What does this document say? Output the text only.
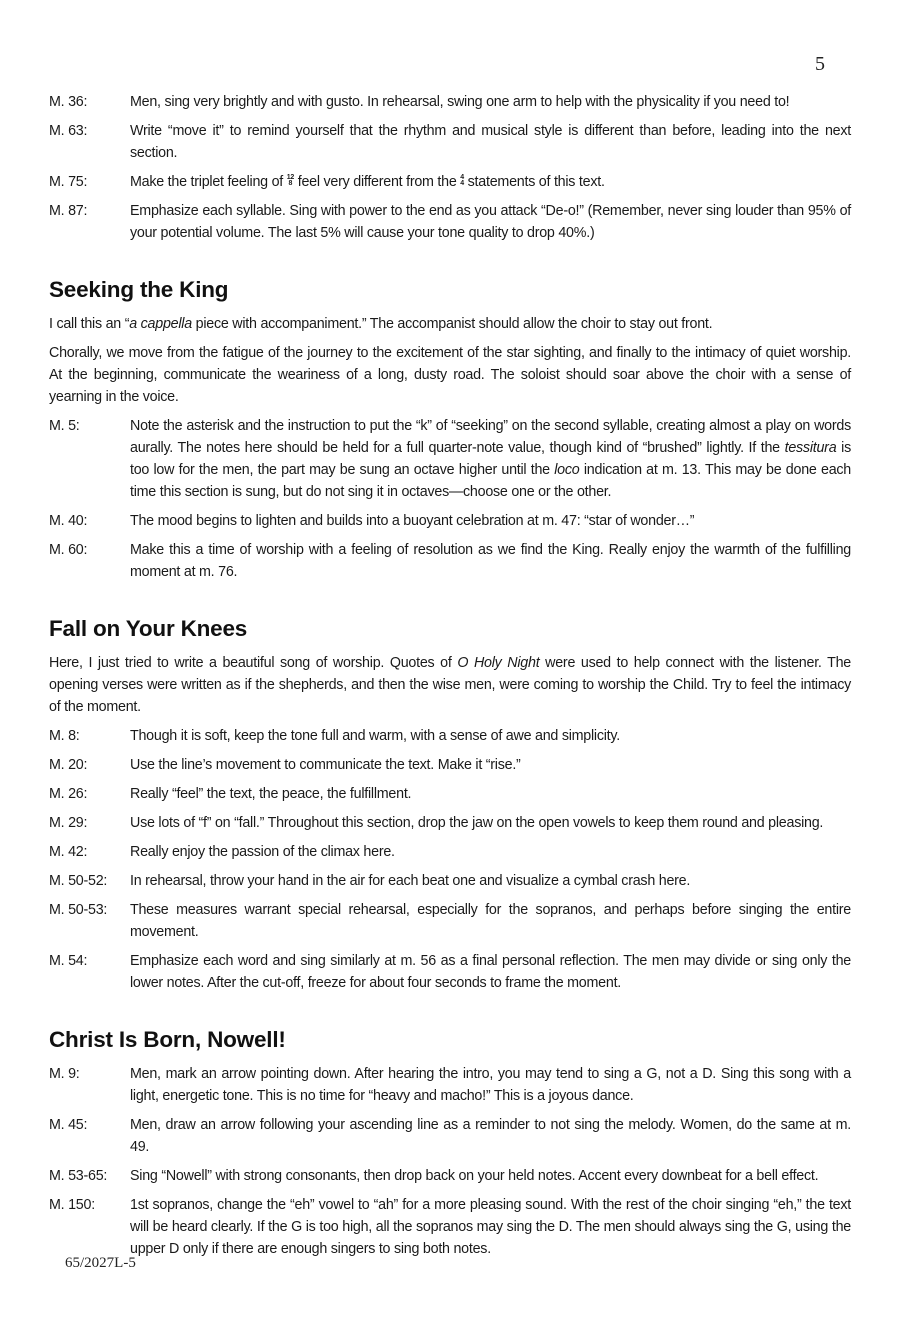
5
M. 36:	Men, sing very brightly and with gusto. In rehearsal, swing one arm to help with the physicality if you need to!
M. 63:	Write “move it” to remind yourself that the rhythm and musical style is different than before, leading into the next section.
M. 75:	Make the triplet feeling of 12
8 feel very different from the 4
4 statements of this text.
M. 87:	Emphasize each syllable. Sing with power to the end as you attack “De-o!” (Remember, never sing louder than 95% of your potential volume. The last 5% will cause your tone quality to drop 40%.)
Seeking the King
I call this an “a cappella piece with accompaniment.” The accompanist should allow the choir to stay out front.
Chorally, we move from the fatigue of the journey to the excitement of the star sighting, and finally to the intimacy of quiet worship. At the beginning, communicate the weariness of a long, dusty road. The soloist should soar above the choir with a sense of yearning in the voice.
M. 5:	Note the asterisk and the instruction to put the “k” of “seeking” on the second syllable, creating almost a play on words aurally. The notes here should be held for a full quarter-note value, though kind of “brushed” lightly. If the tessitura is too low for the men, the part may be sung an octave higher until the loco indication at m. 13. This may be done each time this section is sung, but do not sing it in octaves—choose one or the other.
M. 40:	The mood begins to lighten and builds into a buoyant celebration at m. 47: “star of wonder…”
M. 60:	Make this a time of worship with a feeling of resolution as we find the King. Really enjoy the warmth of the fulfilling moment at m. 76.
Fall on Your Knees
Here, I just tried to write a beautiful song of worship. Quotes of O Holy Night were used to help connect with the listener. The opening verses were written as if the shepherds, and then the wise men, were coming to worship the Child. Try to feel the intimacy of the moment.
M. 8:	Though it is soft, keep the tone full and warm, with a sense of awe and simplicity.
M. 20:	Use the line’s movement to communicate the text. Make it “rise.”
M. 26:	Really “feel” the text, the peace, the fulfillment.
M. 29:	Use lots of “f” on “fall.” Throughout this section, drop the jaw on the open vowels to keep them round and pleasing.
M. 42:	Really enjoy the passion of the climax here.
M. 50-52:	In rehearsal, throw your hand in the air for each beat one and visualize a cymbal crash here.
M. 50-53:	These measures warrant special rehearsal, especially for the sopranos, and perhaps before singing the entire movement.
M. 54:	Emphasize each word and sing similarly at m. 56 as a final personal reflection. The men may divide or sing only the lower notes. After the cut-off, freeze for about four seconds to frame the moment.
Christ Is Born, Nowell!
M. 9:	Men, mark an arrow pointing down. After hearing the intro, you may tend to sing a G, not a D. Sing this song with a light, energetic tone. This is no time for “heavy and macho!” This is a joyous dance.
M. 45:	Men, draw an arrow following your ascending line as a reminder to not sing the melody. Women, do the same at m. 49.
M. 53-65:	Sing “Nowell” with strong consonants, then drop back on your held notes. Accent every downbeat for a bell effect.
M. 150:	1st sopranos, change the “eh” vowel to “ah” for a more pleasing sound. With the rest of the choir singing “eh,” the text will be heard clearly. If the G is too high, all the sopranos may sing the D. The men should always sing the G, using the upper D only if there are enough singers to sing both notes.
65/2027L-5
